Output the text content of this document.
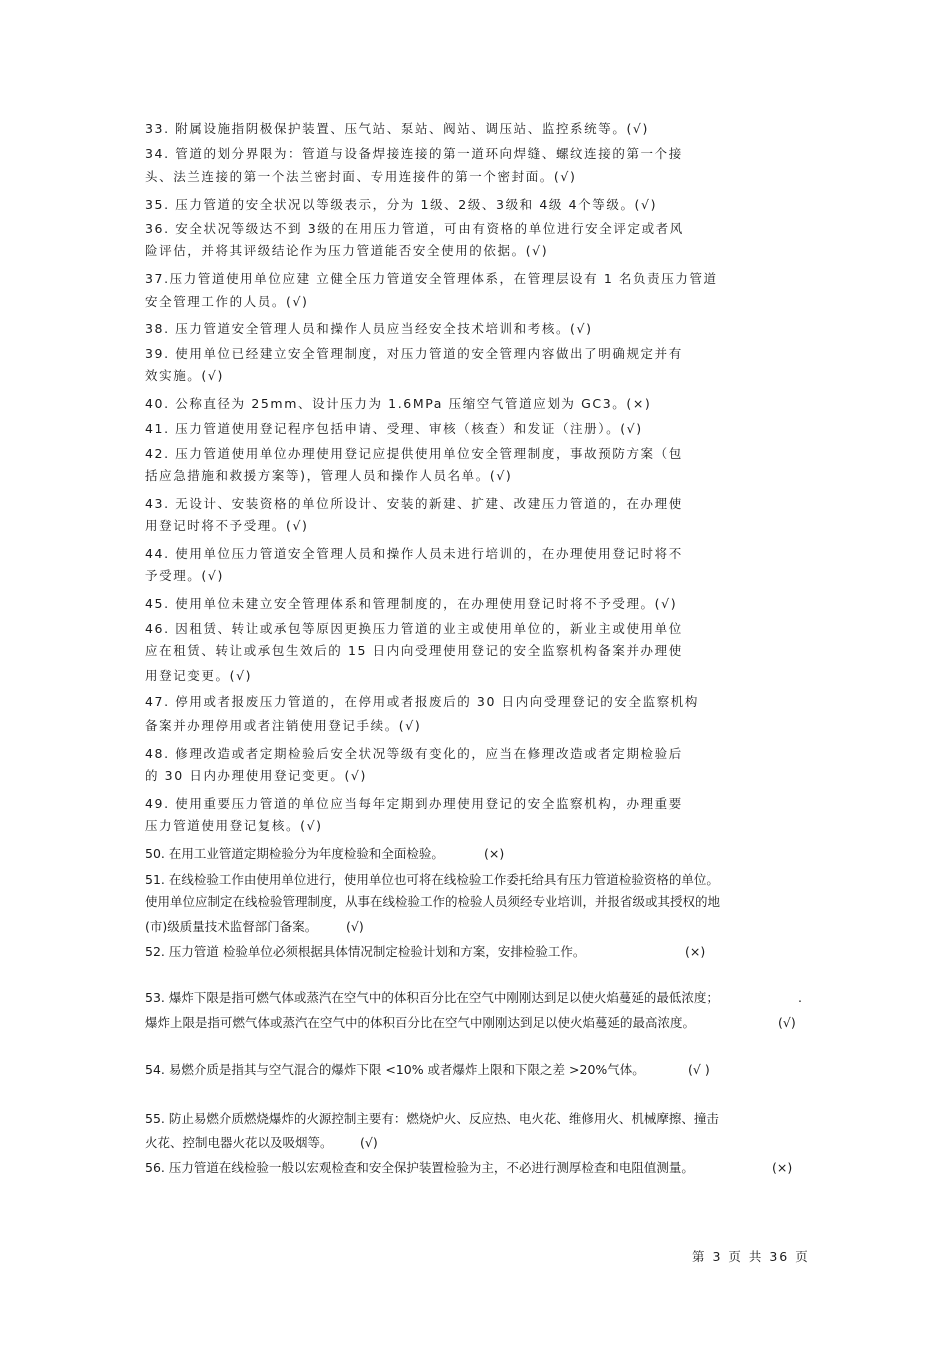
33. 附属设施指阴极保护装置、压气站、泵站、阀站、调压站、监控系统等。(√)
34. 管道的划分界限为：管道与设备焊接连接的第一道环向焊缝、螺纹连接的第一个接
头、法兰连接的第一个法兰密封面、专用连接件的第一个密封面。(√)
35. 压力管道的安全状况以等级表示，分为 1级、2级、3级和 4级 4个等级。(√)
36. 安全状况等级达不到 3级的在用压力管道，可由有资格的单位进行安全评定或者风
险评估，并将其评级结论作为压力管道能否安全使用的依据。(√)
37.压力管道使用单位应建 立健全压力管道安全管理体系，在管理层设有 1 名负责压力管道
安全管理工作的人员。(√)
38. 压力管道安全管理人员和操作人员应当经安全技术培训和考核。(√)
39. 使用单位已经建立安全管理制度，对压力管道的安全管理内容做出了明确规定并有
效实施。(√)
40. 公称直径为 25mm、设计压力为 1.6MPa 压缩空气管道应划为 GC3。(×)
41. 压力管道使用登记程序包括申请、受理、审核（核查）和发证（注册）。(√)
42. 压力管道使用单位办理使用登记应提供使用单位安全管理制度，事故预防方案（包
括应急措施和救援方案等)，管理人员和操作人员名单。(√)
43. 无设计、安装资格的单位所设计、安装的新建、扩建、改建压力管道的，在办理使
用登记时将不予受理。(√)
44. 使用单位压力管道安全管理人员和操作人员未进行培训的，在办理使用登记时将不
予受理。(√)
45. 使用单位未建立安全管理体系和管理制度的，在办理使用登记时将不予受理。(√)
46. 因租赁、转让或承包等原因更换压力管道的业主或使用单位的，新业主或使用单位
应在租赁、转让或承包生效后的 15 日内向受理使用登记的安全监察机构备案并办理使
用登记变更。(√)
47. 停用或者报废压力管道的，在停用或者报废后的 30 日内向受理登记的安全监察机构
备案并办理停用或者注销使用登记手续。(√)
48. 修理改造或者定期检验后安全状况等级有变化的，应当在修理改造或者定期检验后
的 30 日内办理使用登记变更。(√)
49. 使用重要压力管道的单位应当每年定期到办理使用登记的安全监察机构，办理重要
压力管道使用登记复核。(√)
50. 在用工业管道定期检验分为年度检验和全面检验。	(×)
51. 在线检验工作由使用单位进行，使用单位也可将在线检验工作委托给具有压力管道检验资格的单位。
使用单位应制定在线检验管理制度，从事在线检验工作的检验人员须经专业培训，并报省级或其授权的地
(市)级质量技术监督部门备案。	(√)
52. 压力管道 检验单位必须根据具体情况制定检验计划和方案，安排检验工作。	(×)
53. 爆炸下限是指可燃气体或蒸汽在空气中的体积百分比在空气中刚刚达到足以使火焰蔓延的最低浓度；	.
爆炸上限是指可燃气体或蒸汽在空气中的体积百分比在空气中刚刚达到足以使火焰蔓延的最高浓度。	(√)
54. 易燃介质是指其与空气混合的爆炸下限 <10% 或者爆炸上限和下限之差 >20%气体。	(√ )
55. 防止易燃介质燃烧爆炸的火源控制主要有：燃烧炉火、反应热、电火花、维修用火、机械摩擦、撞击
火花、控制电器火花以及吸烟等。	(√)
56. 压力管道在线检验一般以宏观检查和安全保护装置检验为主，不必进行测厚检查和电阻值测量。	(×)
第 3 页 共 36 页
